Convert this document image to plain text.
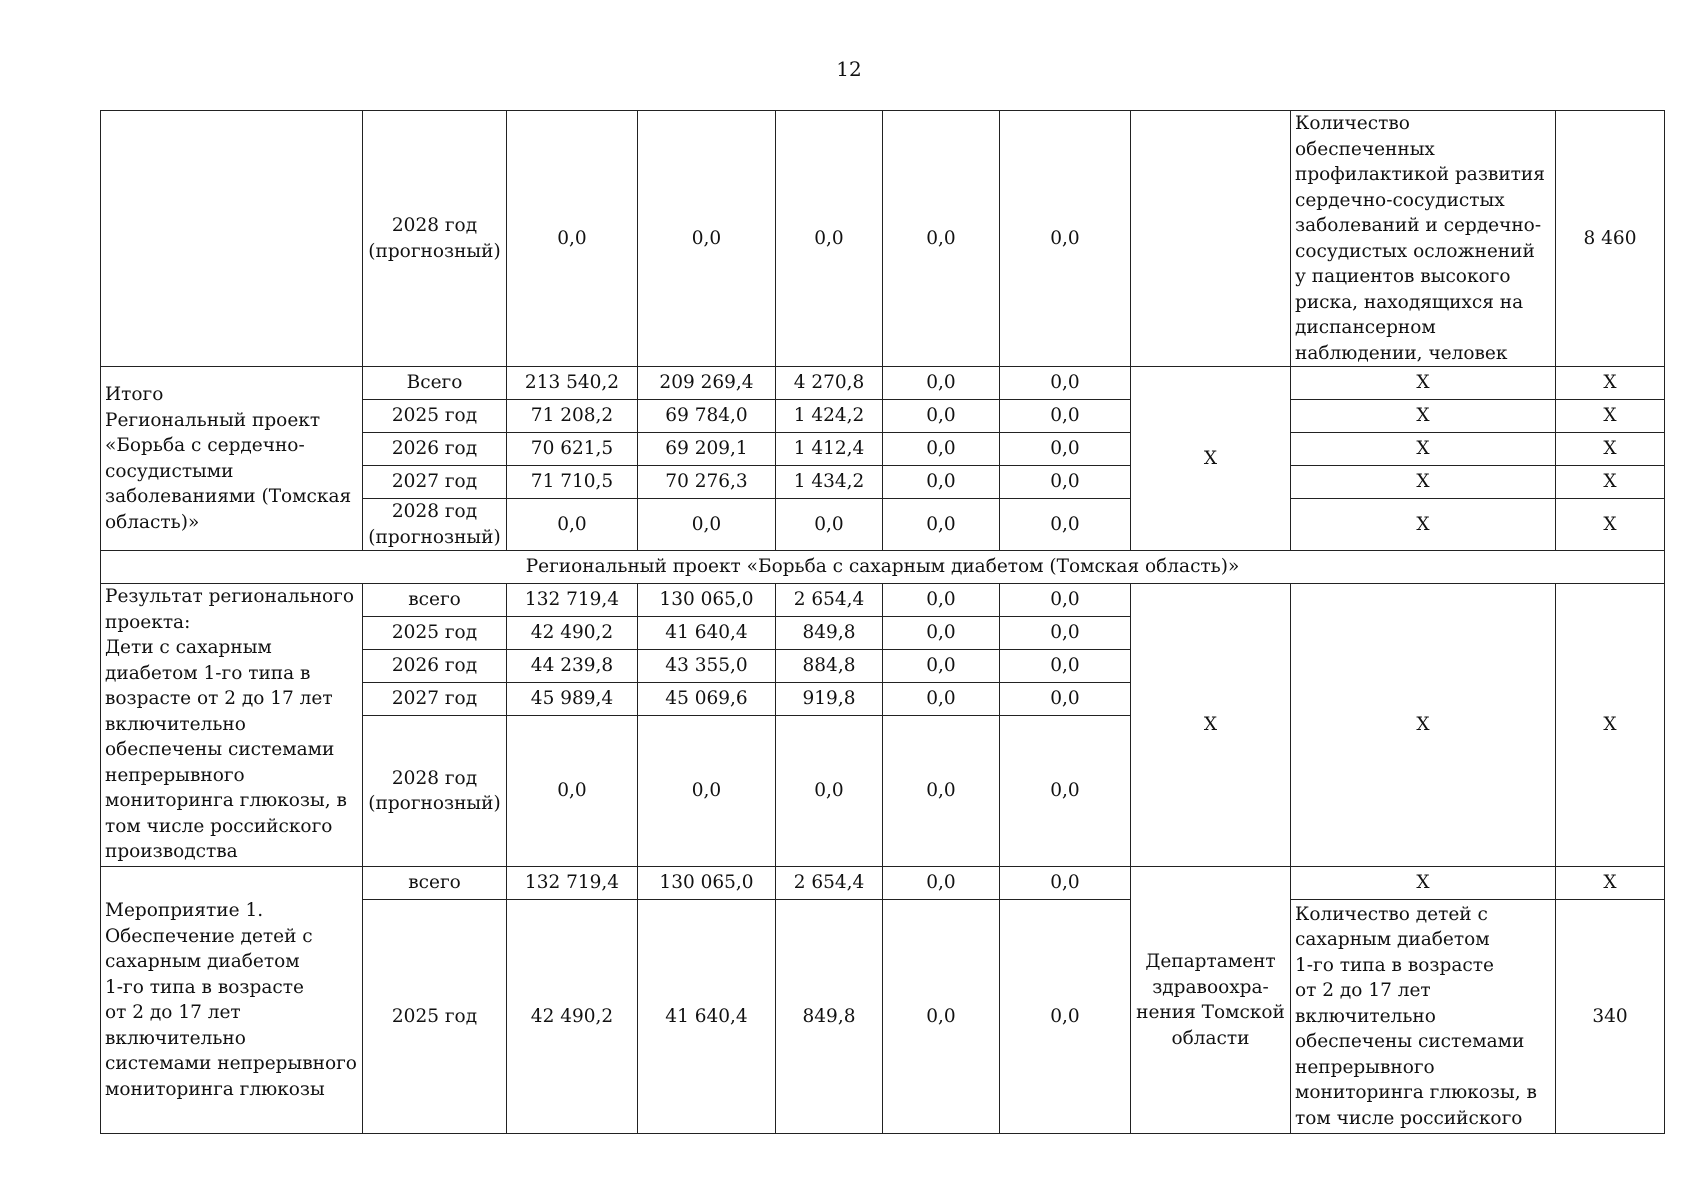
12
	2028 год (прогнозный)	0,0	0,0	0,0	0,0	0,0		Количество обеспеченных профилактикой развития сердечно-сосудистых заболеваний и сердечно-сосудистых осложнений у пациентов высокого риска, находящихся на диспансерном наблюдении, человек	8 460
Итого
Региональный проект «Борьба с сердечно-сосудистыми заболеваниями (Томская область)»	Всего	213 540,2	209 269,4	4 270,8	0,0	0,0	X	X	X
	2025 год	71 208,2	69 784,0	1 424,2	0,0	0,0		X	X
	2026 год	70 621,5	69 209,1	1 412,4	0,0	0,0		X	X
	2027 год	71 710,5	70 276,3	1 434,2	0,0	0,0		X	X
	2028 год (прогнозный)	0,0	0,0	0,0	0,0	0,0		X	X
Региональный проект «Борьба с сахарным диабетом (Томская область)»									
Результат регионального проекта:
Дети с сахарным диабетом 1-го типа в возрасте от 2 до 17 лет включительно обеспечены системами непрерывного мониторинга глюкозы, в том числе российского производства	всего	132 719,4	130 065,0	2 654,4	0,0	0,0	X	X	X
	2025 год	42 490,2	41 640,4	849,8	0,0	0,0			
	2026 год	44 239,8	43 355,0	884,8	0,0	0,0			
	2027 год	45 989,4	45 069,6	919,8	0,0	0,0			
	2028 год (прогнозный)	0,0	0,0	0,0	0,0	0,0			
Мероприятие 1.
Обеспечение детей с сахарным диабетом
1-го типа в возрасте
от 2 до 17 лет
включительно системами непрерывного мониторинга глюкозы	всего	132 719,4	130 065,0	2 654,4	0,0	0,0	Департамент здравоохра-нения Томской области	X	X
	2025 год	42 490,2	41 640,4	849,8	0,0	0,0		Количество детей с сахарным диабетом
1-го типа в возрасте
от 2 до 17 лет
включительно обеспечены системами непрерывного мониторинга глюкозы, в том числе российского	340
